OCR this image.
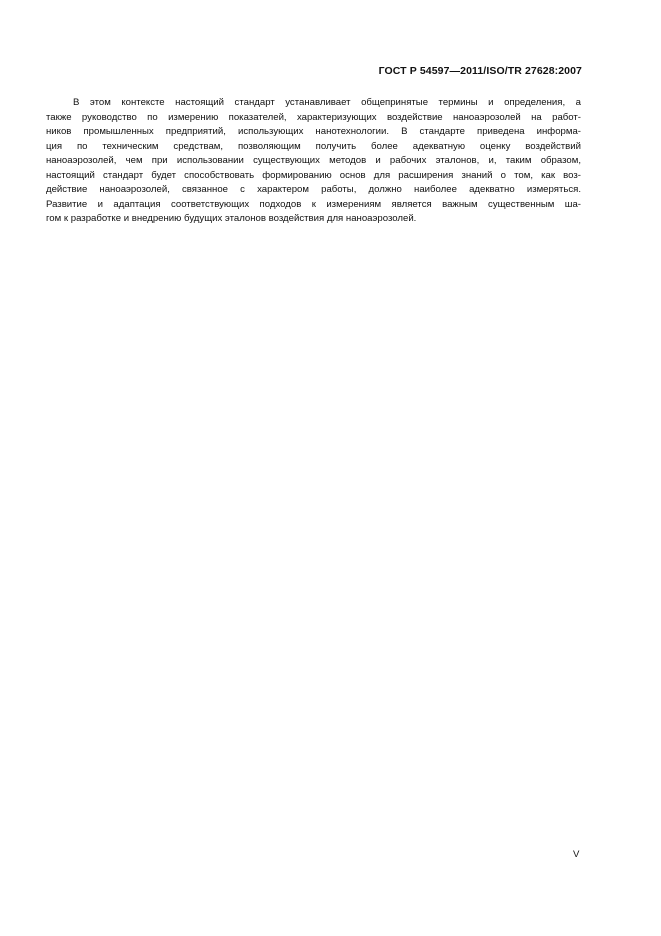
ГОСТ Р 54597—2011/ISO/TR 27628:2007
В этом контексте настоящий стандарт устанавливает общепринятые термины и определения, а
также руководство по измерению показателей, характеризующих воздействие наноаэрозолей на работ-
ников промышленных предприятий, использующих нанотехнологии. В стандарте приведена информа-
ция по техническим средствам, позволяющим получить более адекватную оценку воздействий
наноаэрозолей, чем при использовании существующих методов и рабочих эталонов, и, таким образом,
настоящий стандарт будет способствовать формированию основ для расширения знаний о том, как воз-
действие наноаэрозолей, связанное с характером работы, должно наиболее адекватно измеряться.
Развитие и адаптация соответствующих подходов к измерениям является важным существенным ша-
гом к разработке и внедрению будущих эталонов воздействия для наноаэрозолей.
V
